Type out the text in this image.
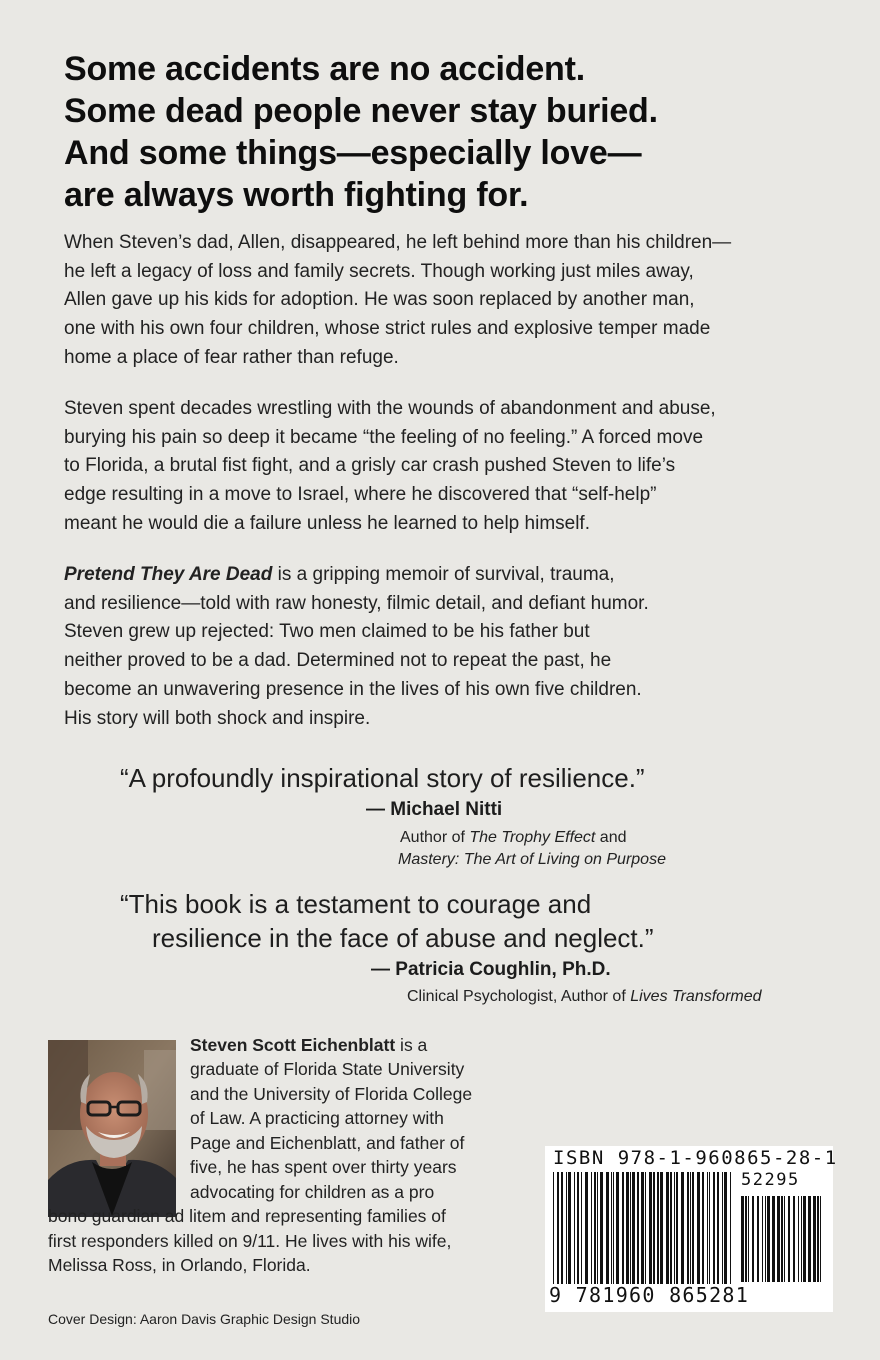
Some accidents are no accident.
Some dead people never stay buried.
And some things—especially love—
are always worth fighting for.
When Steven’s dad, Allen, disappeared, he left behind more than his children—
he left a legacy of loss and family secrets. Though working just miles away,
Allen gave up his kids for adoption. He was soon replaced by another man,
one with his own four children, whose strict rules and explosive temper made
home a place of fear rather than refuge.
Steven spent decades wrestling with the wounds of abandonment and abuse,
burying his pain so deep it became “the feeling of no feeling.” A forced move
to Florida, a brutal fist fight, and a grisly car crash pushed Steven to life’s
edge resulting in a move to Israel, where he discovered that “self-help”
meant he would die a failure unless he learned to help himself.
Pretend They Are Dead is a gripping memoir of survival, trauma,
and resilience—told with raw honesty, filmic detail, and defiant humor.
Steven grew up rejected: Two men claimed to be his father but
neither proved to be a dad. Determined not to repeat the past, he
become an unwavering presence in the lives of his own five children.
His story will both shock and inspire.
“A profoundly inspirational story of resilience.”
— Michael Nitti
Author of The Trophy Effect and
Mastery: The Art of Living on Purpose
“This book is a testament to courage and
resilience in the face of abuse and neglect.”
— Patricia Coughlin, Ph.D.
Clinical Psychologist, Author of Lives Transformed
Steven Scott Eichenblatt is a
graduate of Florida State University
and the University of Florida College
of Law. A practicing attorney with
Page and Eichenblatt, and father of
five, he has spent over thirty years
advocating for children as a pro
bono guardian ad litem and representing families of
first responders killed on 9/11. He lives with his wife,
Melissa Ross, in Orlando, Florida.
Cover Design: Aaron Davis Graphic Design Studio
ISBN 978-1-960865-28-1
52295
9 781960 865281
